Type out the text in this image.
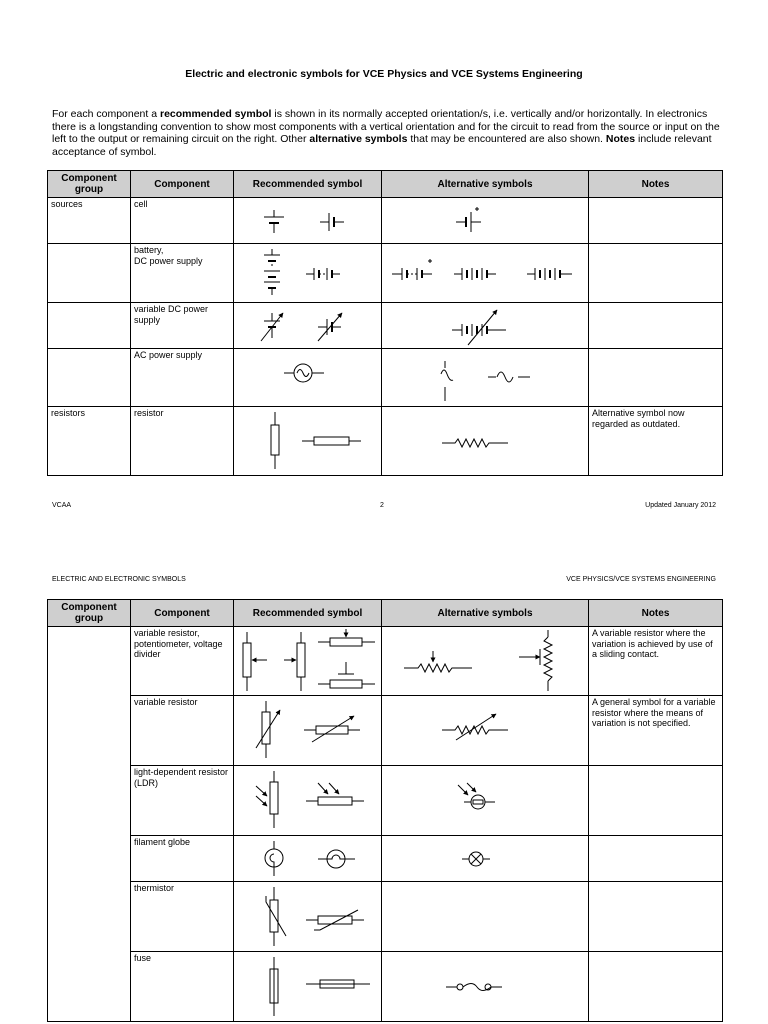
Electric and electronic symbols for VCE Physics and VCE Systems Engineering
For each component a recommended symbol is shown in its normally accepted orientation/s, i.e. vertically and/or horizontally. In electronics there is a longstanding convention to show most components with a vertical orientation and for the circuit to read from the source or input on the left to the output or remaining circuit on the right. Other alternative symbols that may be encountered are also shown. Notes include relevant acceptance of symbol.
Component group	Component	Recommended symbol	Alternative symbols	Notes
sources	cell	

	battery,
DC power supply	

	variable DC power supply	

	AC power supply	

resistors	resistor			Alternative symbol now regarded as outdated.
VCAA	2	Updated January 2012
ELECTRIC AND ELECTRONIC SYMBOLS	VCE PHYSICS/VCE SYSTEMS ENGINEERING
Component group	Component	Recommended symbol	Alternative symbols	Notes
	variable resistor, potentiometer, voltage divider			A variable resistor where the variation is achieved by use of a sliding contact.
	variable resistor			A general symbol for a variable resistor where the means of variation is not specified.
	light-dependent resistor (LDR)	

	filament globe	

	thermistor	

	fuse	
